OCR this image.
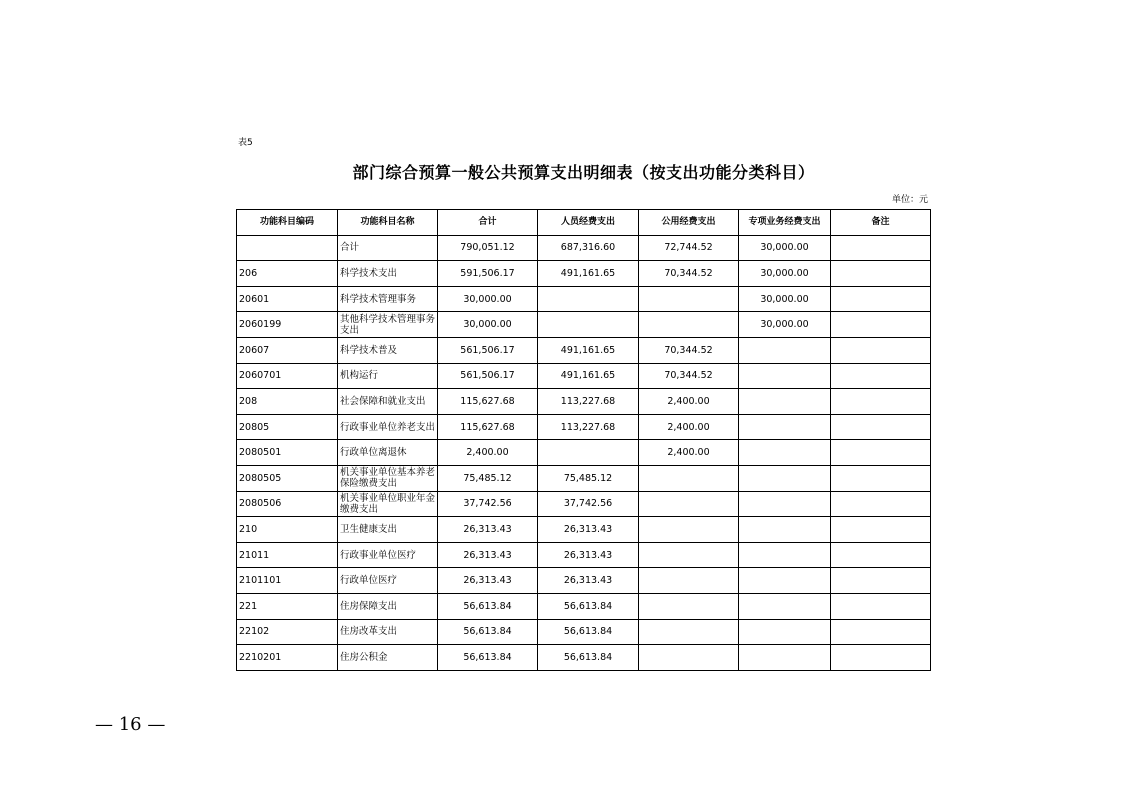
表5
部门综合预算一般公共预算支出明细表（按支出功能分类科目）
单位：元
功能科目编码	功能科目名称	合计	人员经费支出	公用经费支出	专项业务经费支出	备注
	合计	790,051.12	687,316.60	72,744.52	30,000.00	
206	科学技术支出	591,506.17	491,161.65	70,344.52	30,000.00	
20601	科学技术管理事务	30,000.00			30,000.00	
2060199	其他科学技术管理事务支出	30,000.00			30,000.00	
20607	科学技术普及	561,506.17	491,161.65	70,344.52		
2060701	机构运行	561,506.17	491,161.65	70,344.52		
208	社会保障和就业支出	115,627.68	113,227.68	2,400.00		
20805	行政事业单位养老支出	115,627.68	113,227.68	2,400.00		
2080501	行政单位离退休	2,400.00		2,400.00		
2080505	机关事业单位基本养老保险缴费支出	75,485.12	75,485.12			
2080506	机关事业单位职业年金缴费支出	37,742.56	37,742.56			
210	卫生健康支出	26,313.43	26,313.43			
21011	行政事业单位医疗	26,313.43	26,313.43			
2101101	行政单位医疗	26,313.43	26,313.43			
221	住房保障支出	56,613.84	56,613.84			
22102	住房改革支出	56,613.84	56,613.84			
2210201	住房公积金	56,613.84	56,613.84			
— 16 —
